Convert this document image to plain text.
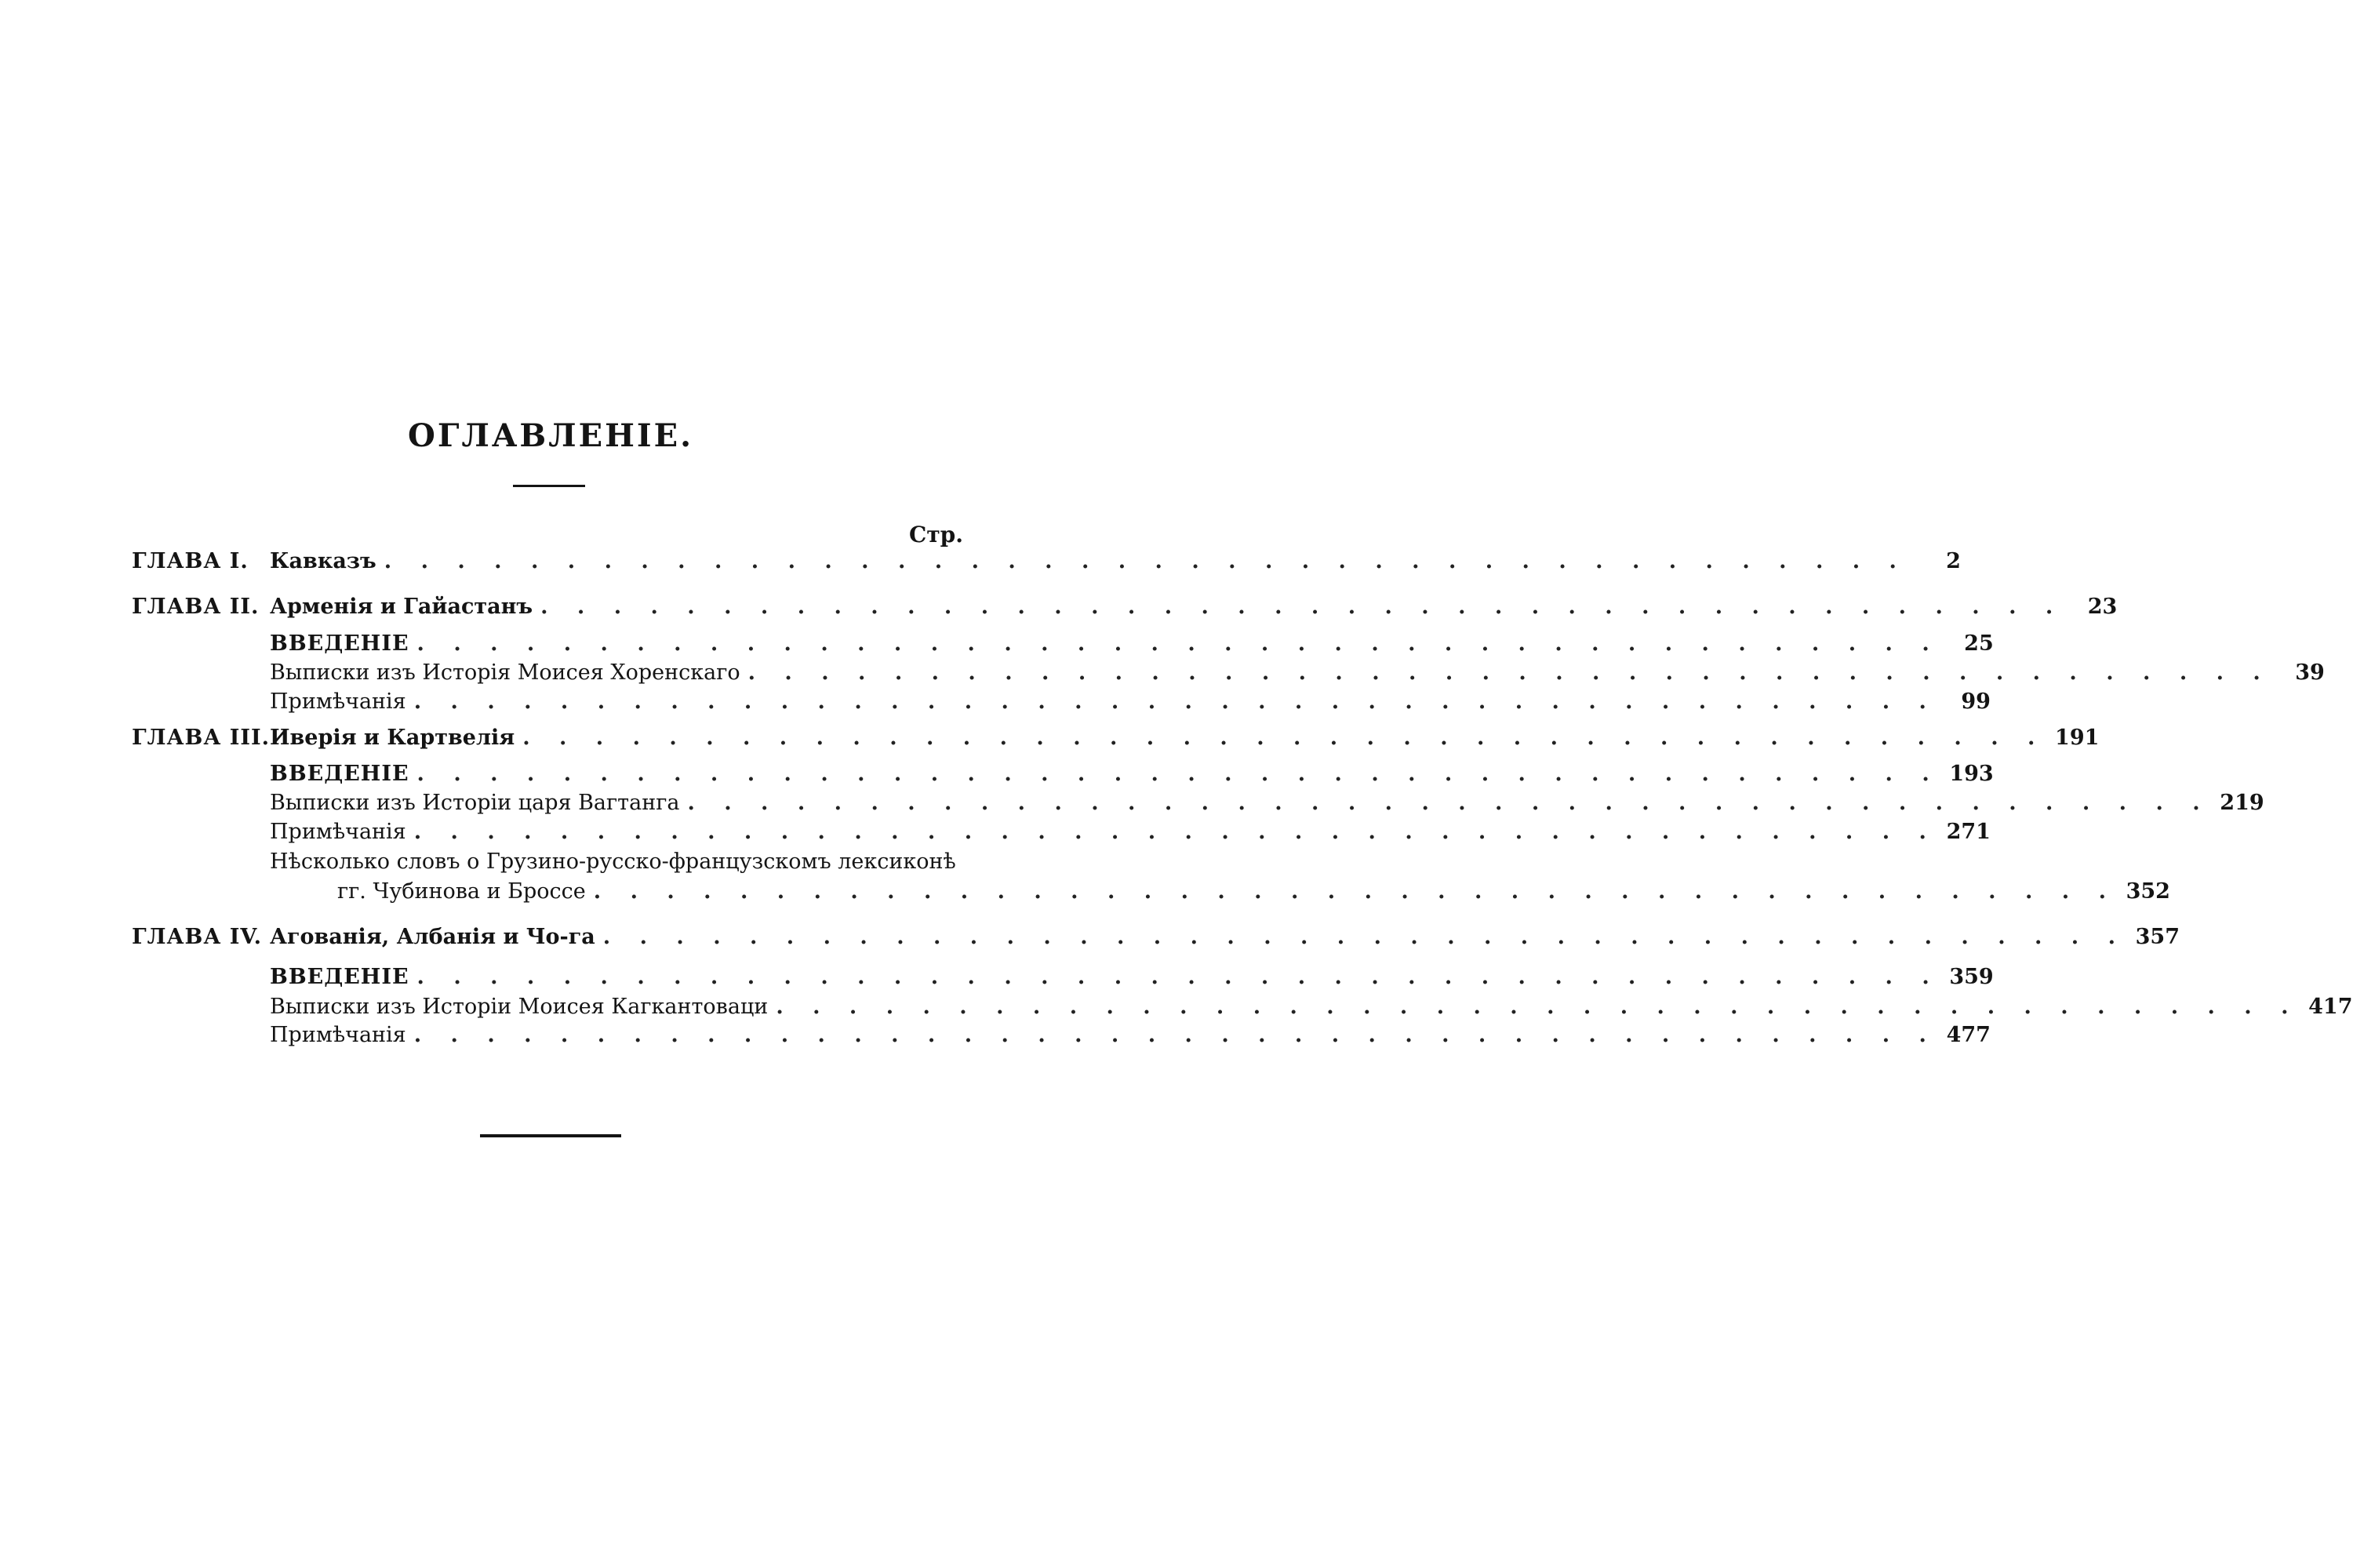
ОГЛАВЛЕНІЕ.
Стр.
ГЛАВА I.	Кавказъ . . . . . . . . . . . . . . . . . . . . . . . . . . . . . . . . . . . . . . . . . .	2
ГЛАВА II. Арменія и Гайастанъ . . . . . . . . . . . . . . . . . . . . . . . . . . . . . . . . . . . . . . . . . .	23
ВВЕДЕНІЕ . . . . . . . . . . . . . . . . . . . . . . . . . . . . . . . . . . . . . . . . . .	25
Выписки изъ Исторія Моисея Хоренскаго . . . . . . . . . . . . . . . . . . . . . . . . . . . . . . . . . . . . . . . . . .	39
Примѣчанія . . . . . . . . . . . . . . . . . . . . . . . . . . . . . . . . . . . . . . . . . .	99
ГЛАВА III. Иверія и Картвелія . . . . . . . . . . . . . . . . . . . . . . . . . . . . . . . . . . . . . . . . . . 191
ВВЕДЕНІЕ . . . . . . . . . . . . . . . . . . . . . . . . . . . . . . . . . . . . . . . . . . 193
Выписки изъ Исторіи царя Вагтанга . . . . . . . . . . . . . . . . . . . . . . . . . . . . . . . . . . . . . . . . . . 219
Примѣчанія . . . . . . . . . . . . . . . . . . . . . . . . . . . . . . . . . . . . . . . . . . 271
Нѣсколько словъ о Грузино-русско-французскомъ лексиконѣ
гг. Чубинова и Броссе . . . . . . . . . . . . . . . . . . . . . . . . . . . . . . . . . . . . . . . . . . 352
ГЛАВА IV. Агованія, Албанія и Чо-га . . . . . . . . . . . . . . . . . . . . . . . . . . . . . . . . . . . . . . . . . . 357
ВВЕДЕНІЕ . . . . . . . . . . . . . . . . . . . . . . . . . . . . . . . . . . . . . . . . . . 359
Выписки изъ Исторіи Моисея Кагкантоваци . . . . . . . . . . . . . . . . . . . . . . . . . . . . . . . . . . . . . . . . . . 417
Примѣчанія . . . . . . . . . . . . . . . . . . . . . . . . . . . . . . . . . . . . . . . . . . 477
